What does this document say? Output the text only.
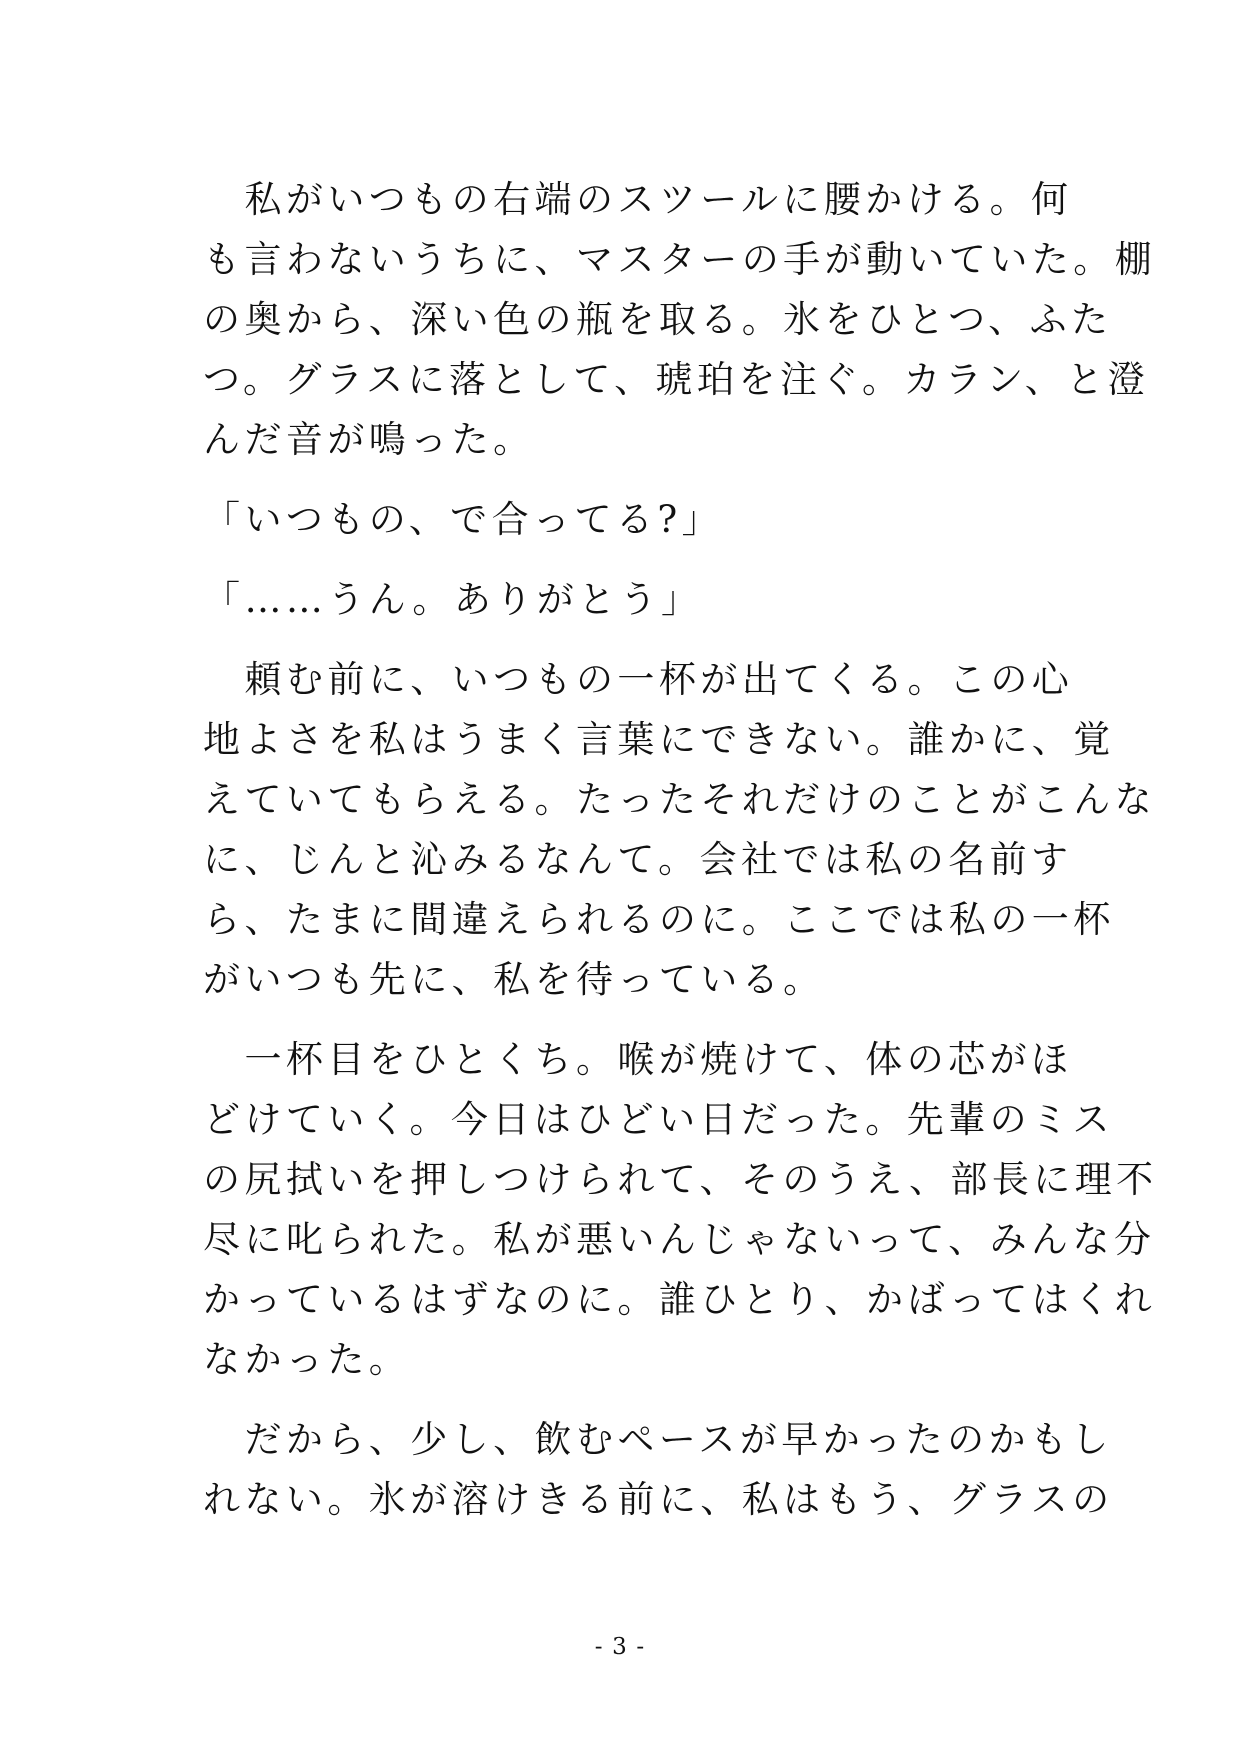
　私がいつもの右端のスツールに腰かける。何
も言わないうちに、マスターの手が動いていた。棚
の奥から、深い色の瓶を取る。氷をひとつ、ふた
つ。グラスに落として、琥珀を注ぐ。カラン、と澄
んだ音が鳴った。
「いつもの、で合ってる?」
「……うん。ありがとう」
　頼む前に、いつもの一杯が出てくる。この心
地よさを私はうまく言葉にできない。誰かに、覚
えていてもらえる。たったそれだけのことがこんな
に、じんと沁みるなんて。会社では私の名前す
ら、たまに間違えられるのに。ここでは私の一杯
がいつも先に、私を待っている。
　一杯目をひとくち。喉が焼けて、体の芯がほ
どけていく。今日はひどい日だった。先輩のミス
の尻拭いを押しつけられて、そのうえ、部長に理不
尽に叱られた。私が悪いんじゃないって、みんな分
かっているはずなのに。誰ひとり、かばってはくれ
なかった。
　だから、少し、飲むペースが早かったのかもし
れない。氷が溶けきる前に、私はもう、グラスの
- 3 -
